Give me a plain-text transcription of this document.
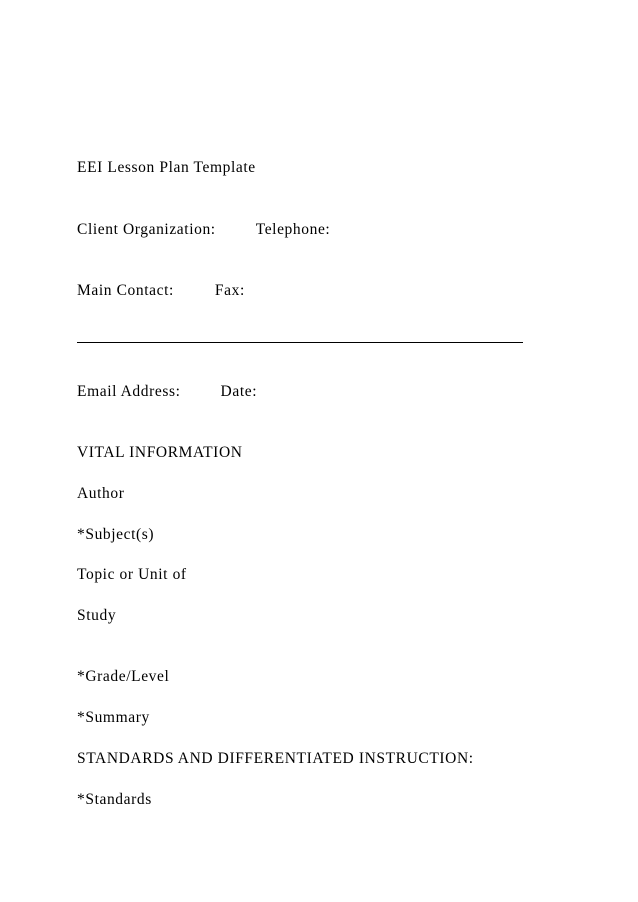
EEI Lesson Plan Template
Client Organization:	Telephone:
Main Contact:	Fax:
Email Address:	Date:
VITAL INFORMATION
Author
*Subject(s)
Topic or Unit of
Study
*Grade/Level
*Summary
STANDARDS AND DIFFERENTIATED INSTRUCTION:
*Standards
